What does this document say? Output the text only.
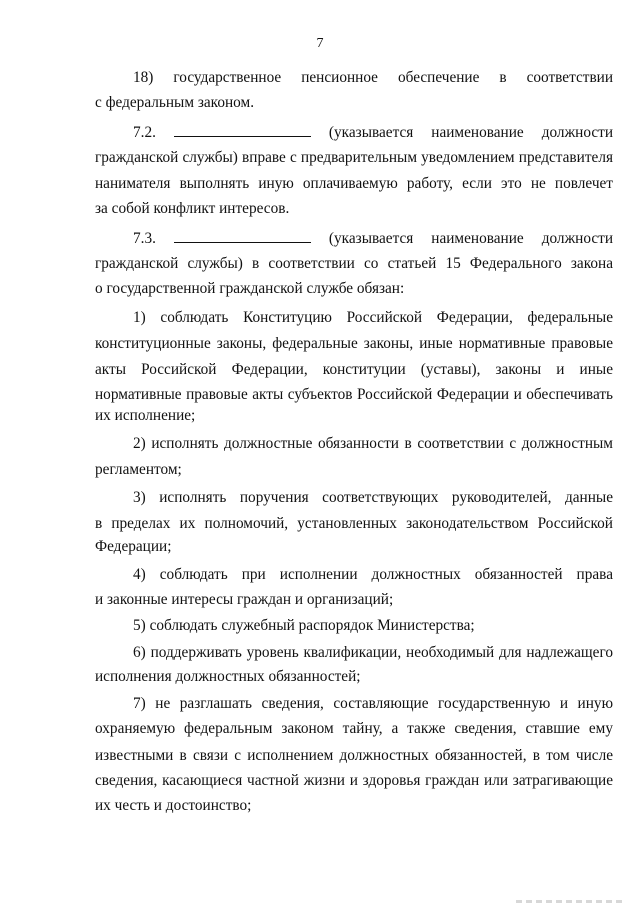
7
18) государственное пенсионное обеспечение в соответствии
с федеральным законом.
7.2.	(указывается наименование должности
гражданской службы) вправе с предварительным уведомлением представителя
нанимателя выполнять иную оплачиваемую работу, если это не повлечет
за собой конфликт интересов.
7.3.	(указывается наименование должности
гражданской службы) в соответствии со статьей 15 Федерального закона
о государственной гражданской службе обязан:
1) соблюдать Конституцию Российской Федерации, федеральные
конституционные законы, федеральные законы, иные нормативные правовые
акты Российской Федерации, конституции (уставы), законы и иные
нормативные правовые акты субъектов Российской Федерации и обеспечивать
их исполнение;
2) исполнять должностные обязанности в соответствии с должностным
регламентом;
3) исполнять поручения соответствующих руководителей, данные
в пределах их полномочий, установленных законодательством Российской
Федерации;
4) соблюдать при исполнении должностных обязанностей права
и законные интересы граждан и организаций;
5) соблюдать служебный распорядок Министерства;
6) поддерживать уровень квалификации, необходимый для надлежащего
исполнения должностных обязанностей;
7) не разглашать сведения, составляющие государственную и иную
охраняемую федеральным законом тайну, а также сведения, ставшие ему
известными в связи с исполнением должностных обязанностей, в том числе
сведения, касающиеся частной жизни и здоровья граждан или затрагивающие
их честь и достоинство;
